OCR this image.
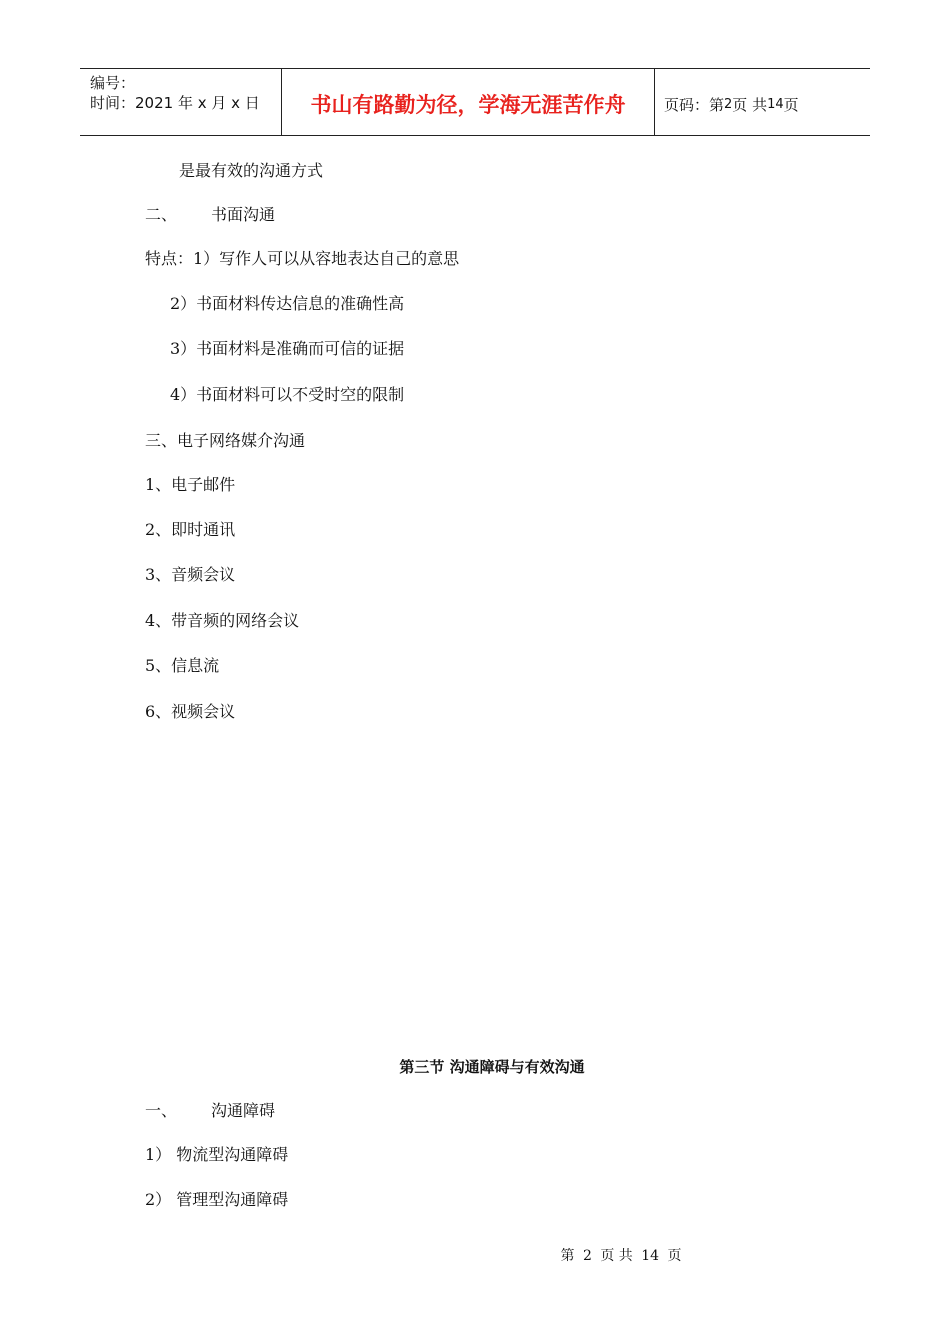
编号：
时间：2021 年 x 月 x 日	书山有路勤为径，学海无涯苦作舟	页码：第 2 页 共 14 页
是最有效的沟通方式
二、 书面沟通
特点：1）写作人可以从容地表达自己的意思
2）书面材料传达信息的准确性高
3）书面材料是准确而可信的证据
4）书面材料可以不受时空的限制
三、电子网络媒介沟通
1、电子邮件
2、即时通讯
3、音频会议
4、带音频的网络会议
5、信息流
6、视频会议
第三节 沟通障碍与有效沟通
一、 沟通障碍
1） 物流型沟通障碍
2） 管理型沟通障碍
第 2 页 共 14 页
